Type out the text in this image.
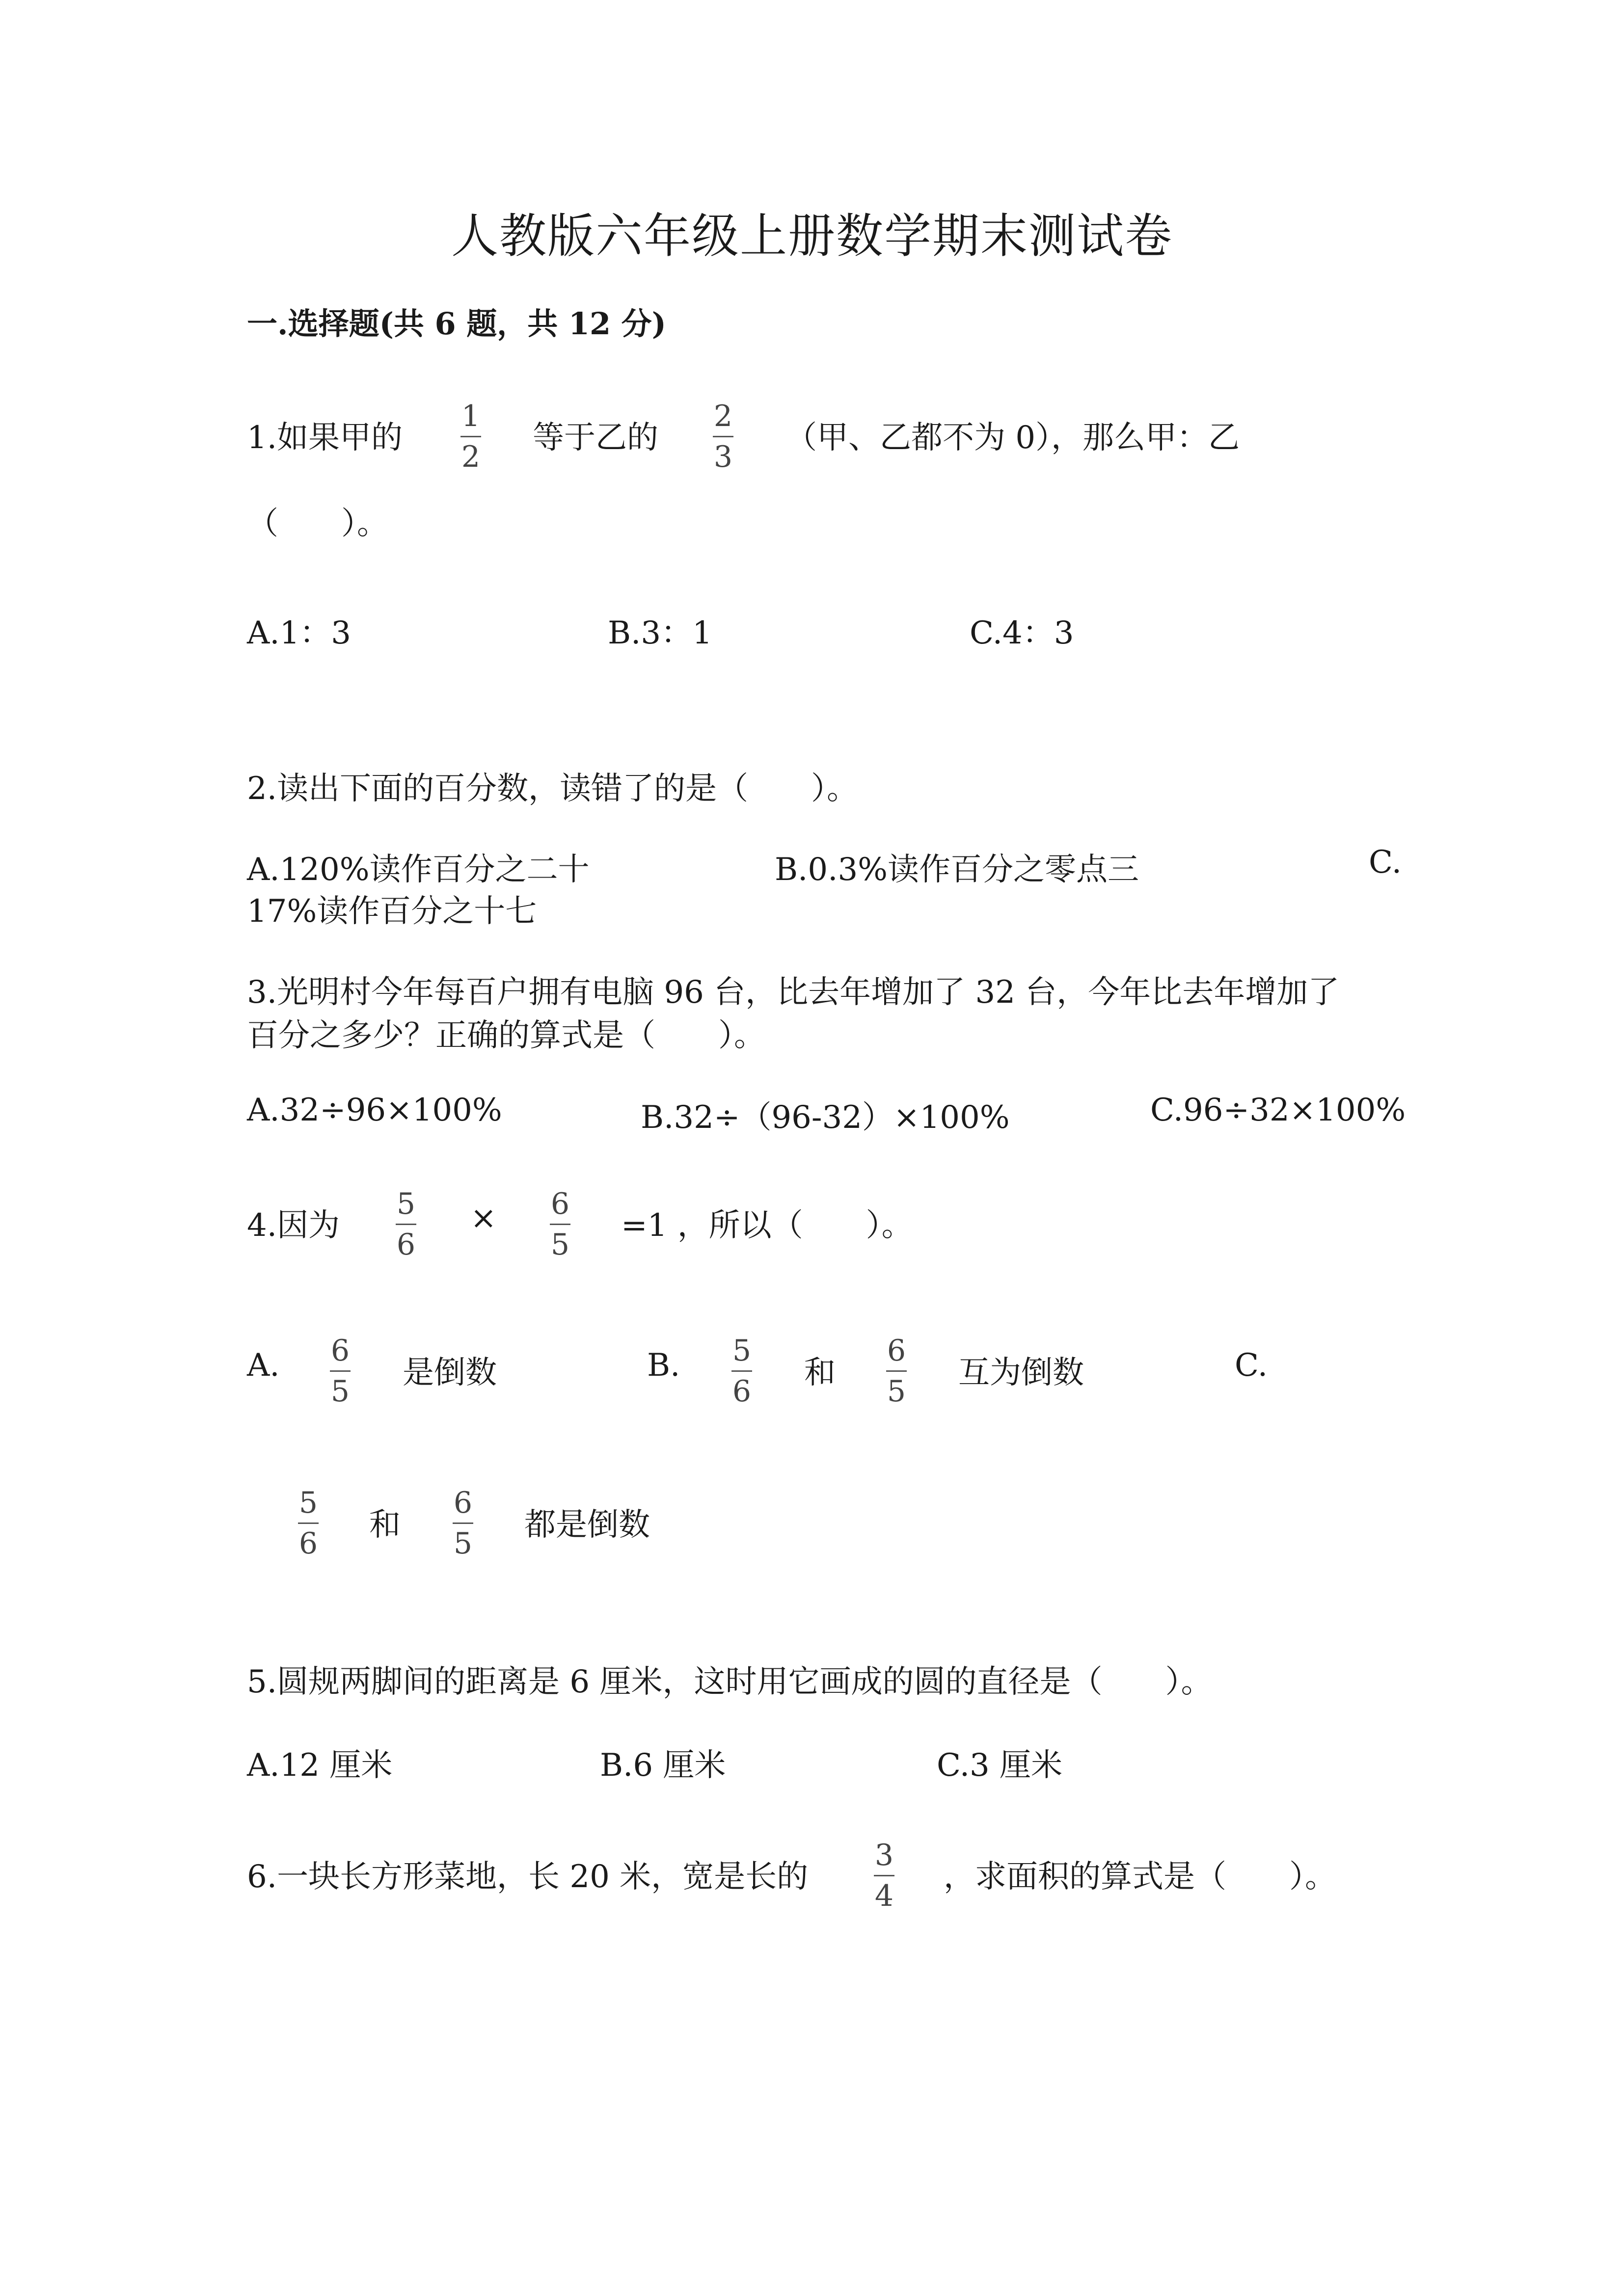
人教版六年级上册数学期末测试卷
一.选择题(共 6 题，共 12 分)
1.如果甲的
1
2
等于乙的
2
3
（甲、乙都不为 0），那么甲：乙
（　　）。
A.1：3	B.3：1	C.4：3
2.读出下面的百分数，读错了的是（　　）。
A.120%读作百分之二十	B.0.3%读作百分之零点三	C.
17%读作百分之十七
3.光明村今年每百户拥有电脑 96 台，比去年增加了 32 台，今年比去年增加了
百分之多少？正确的算式是（　　）。
A.32÷96×100%	B.32÷（96-32）×100%	C.96÷32×100%
4.因为
5
6
× 6
5
=1 ，所以（　　）。
A. 6
5
是倒数	B. 5
6
和
6
5
互为倒数	C.
5
6
和
6
5
都是倒数
5.圆规两脚间的距离是 6 厘米，这时用它画成的圆的直径是（　　）。
A.12 厘米	B.6 厘米	C.3 厘米
6.一块长方形菜地，长 20 米，宽是长的
3
4
，求面积的算式是（　　）。
